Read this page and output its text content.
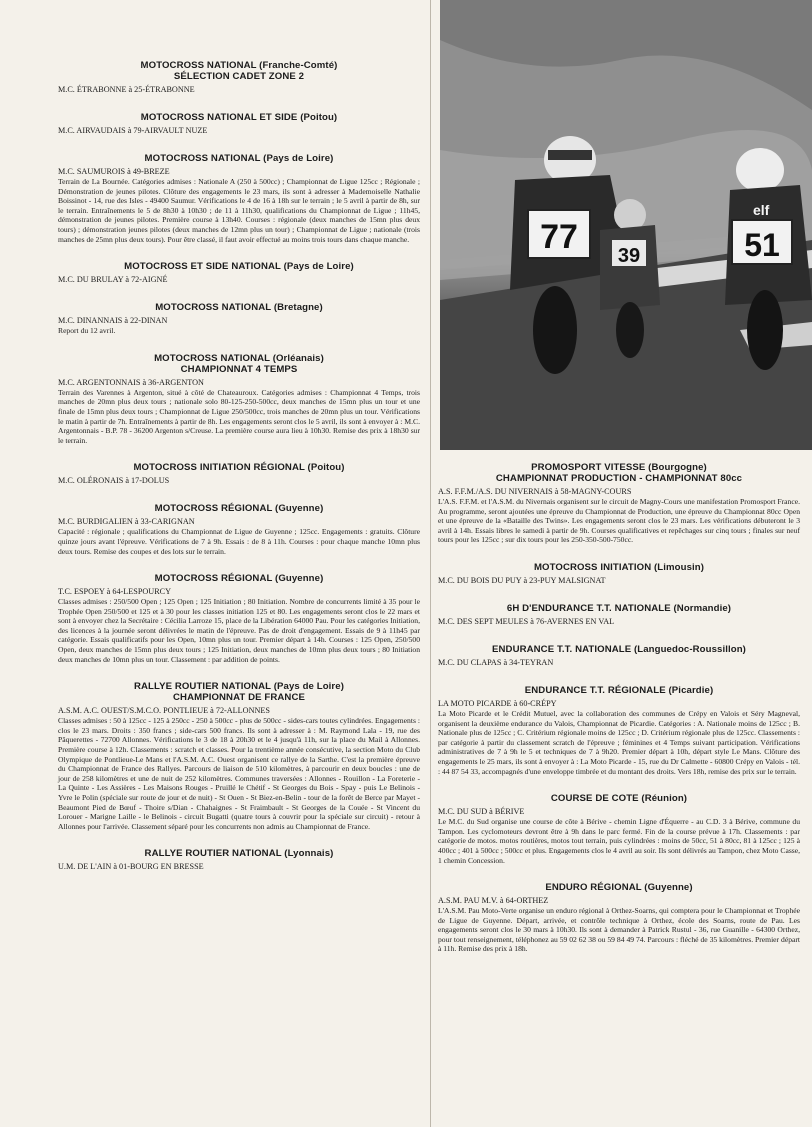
77 39
elf
51
MOTOCROSS NATIONAL (Franche-Comté)
SÉLECTION CADET ZONE 2
M.C. ÉTRABONNE à 25-ÉTRABONNE
MOTOCROSS NATIONAL ET SIDE (Poitou)
M.C. AIRVAUDAIS à 79-AIRVAULT NUZE
MOTOCROSS NATIONAL (Pays de Loire)
M.C. SAUMUROIS à 49-BREZE

Terrain de La Bournée. Catégories admises : Nationale A (250 à 500cc) ; Championnat de Ligue 125cc ; Régionale ; Démonstration de jeunes pilotes. Clôture des engagements le 23 mars, ils sont à adresser à Mademoiselle Nathalie Boissinot - 14, rue des Isles - 49400 Saumur. Vérifications le 4 de 16 à 18h sur le terrain ; le 5 avril à partir de 8h, sur le terrain. Entraînements le 5 de 8h30 à 10h30 ; de 11 à 11h30, qualifications du Championnat de Ligue ; 11h45, démonstration de jeunes pilotes. Première course à 13h40. Courses : régionale (deux manches de 15mn plus deux tours) ; démonstration jeunes pilotes (deux manches de 12mn plus un tour) ; Championnat de Ligue ; nationale (trois manches de 25mn plus deux tours). Pour être classé, il faut avoir effectué au moins trois tours dans chaque manche.

MOTOCROSS ET SIDE NATIONAL (Pays de Loire)
M.C. DU BRULAY à 72-AIGNÉ
MOTOCROSS NATIONAL (Bretagne)
M.C. DINANNAIS à 22-DINAN

Report du 12 avril.

MOTOCROSS NATIONAL (Orléanais)
CHAMPIONNAT 4 TEMPS
M.C. ARGENTONNAIS à 36-ARGENTON

Terrain des Varennes à Argenton, situé à côté de Chateauroux. Catégories admises : Championnat 4 Temps, trois manches de 20mn plus deux tours ; nationale solo 80-125-250-500cc, deux manches de 15mn plus un tour et une finale de 15mn plus deux tours ; Championnat de Ligue 250/500cc, trois manches de 20mn plus un tour. Vérifications le matin à partir de 7h. Entraînements à partir de 8h. Les engagements seront clos le 5 avril, ils sont à envoyer à : M.C. Argentonnais - B.P. 78 - 36200 Argenton s/Creuse. La première course aura lieu à 10h30. Remise des prix à 18h30 sur le terrain.

MOTOCROSS INITIATION RÉGIONAL (Poitou)
M.C. OLÉRONAIS à 17-DOLUS
MOTOCROSS RÉGIONAL (Guyenne)
M.C. BURDIGALIEN à 33-CARIGNAN

Capacité : régionale ; qualifications du Championnat de Ligue de Guyenne ; 125cc. Engagements : gratuits. Clôture quinze jours avant l'épreuve. Vérifications de 7 à 9h. Essais : de 8 à 11h. Courses : pour chaque manche 10mn plus deux tours. Remise des coupes et des lots sur le terrain.

MOTOCROSS RÉGIONAL (Guyenne)
T.C. ESPOEY à 64-LESPOURCY

Classes admises : 250/500 Open ; 125 Open ; 125 Initiation ; 80 Initiation. Nombre de concurrents limité à 35 pour le Trophée Open 250/500 et 125 et à 30 pour les classes initiation 125 et 80. Les engagements seront clos le 22 mars et sont à envoyer chez la Secrétaire : Cécilia Larroze 15, place de la Libération 64000 Pau. Pour les catégories Initiation, des licences à la journée seront délivrées le matin de l'épreuve. Pas de droit d'engagement. Essais de 9 à 11h45 par catégorie. Essais qualificatifs pour les Open, 10mn plus un tour. Premier départ à 14h. Courses : 125 Open, 250/500 Open, deux manches de 15mn plus deux tours ; 125 Initiation, deux manches de 10mn plus deux tours ; 80 Initiation deux manches de 10mn plus un tour. Classement : par addition de points.

RALLYE ROUTIER NATIONAL (Pays de Loire)
CHAMPIONNAT DE FRANCE
A.S.M. A.C. OUEST/S.M.C.O. PONTLIEUE à 72-ALLONNES

Classes admises : 50 à 125cc - 125 à 250cc - 250 à 500cc - plus de 500cc - sides-cars toutes cylindrées. Engagements : clos le 23 mars. Droits : 350 francs ; side-cars 500 francs. Ils sont à adresser à : M. Raymond Lala - 19, rue des Pâquerettes - 72700 Allonnes. Vérifications le 3 de 18 à 20h30 et le 4 jusqu'à 11h, sur la place du Mail à Allonnes. Première course à 12h. Classements : scratch et classes. Pour la trentième année consécutive, la section Moto du Club Olympique de Pontlieue-Le Mans et l'A.S.M. A.C. Ouest organisent ce rallye de la Sarthe. C'est la première épreuve du Championnat de France des Rallyes. Parcours de liaison de 510 kilomètres, à parcourir en deux boucles : une de jour de 258 kilomètres et une de nuit de 252 kilomètres. Communes traversées : Allonnes - Rouillon - La Foreterie - La Quinte - Les Assières - Les Maisons Rouges - Pruillé le Chétif - St Georges du Bois - Spay - puis Le Belinois - Yvre le Polin (spéciale sur route de jour et de nuit) - St Ouen - St Biez-en-Belin - tour de la forêt de Berce par Mayet - Beaumont Pied de Bœuf - Thoire s/Dian - Chahaignes - St Fraimbault - St Georges de la Couée - St Vincent du Lorouer - Marigne Laille - le Belinois - circuit Bugatti (quatre tours à couvrir pour la spéciale sur circuit) - retour à Allonnes pour l'arrivée. Classement séparé pour les concurrents non admis au Championnat de France.

RALLYE ROUTIER NATIONAL (Lyonnais)
U.M. DE L'AIN à 01-BOURG EN BRESSE
PROMOSPORT VITESSE (Bourgogne)
CHAMPIONNAT PRODUCTION - CHAMPIONNAT 80cc
A.S. F.F.M./A.S. DU NIVERNAIS à 58-MAGNY-COURS

L'A.S. F.F.M. et l'A.S.M. du Nivernais organisent sur le circuit de Magny-Cours une manifestation Promosport France. Au programme, seront ajoutées une épreuve du Championnat de Production, une épreuve du Championnat 80cc Open et une épreuve de la «Bataille des Twins». Les engagements seront clos le 23 mars. Les vérifications débuteront le 3 avril à 14h. Essais libres le samedi à partir de 9h. Courses qualificatives et repêchages sur cinq tours ; finales sur neuf tours pour les 125cc ; sur dix tours pour les 250-350-500-750cc.

MOTOCROSS INITIATION (Limousin)
M.C. DU BOIS DU PUY à 23-PUY MALSIGNAT
6H D'ENDURANCE T.T. NATIONALE (Normandie)
M.C. DES SEPT MEULES à 76-AVERNES EN VAL
ENDURANCE T.T. NATIONALE (Languedoc-Roussillon)
M.C. DU CLAPAS à 34-TEYRAN
ENDURANCE T.T. RÉGIONALE (Picardie)
LA MOTO PICARDE à 60-CRÉPY

La Moto Picarde et le Crédit Mutuel, avec la collaboration des communes de Crépy en Valois et Séry Magneval, organisent la deuxième endurance du Valois, Championnat de Picardie. Catégories : A. Nationale moins de 125cc ; B. Nationale plus de 125cc ; C. Critérium régionale moins de 125cc ; D. Critérium régionale plus de 125cc. Classements : par catégorie à partir du classement scratch de l'épreuve ; féminines et 4 Temps suivant participation. Vérifications administratives de 7 à 9h le 5 et techniques de 7 à 9h20. Premier départ à 10h, départ style Le Mans. Clôture des engagements le 25 mars, ils sont à envoyer à : La Moto Picarde - 15, rue du Dr Calmette - 60800 Crépy en Valois - tél. : 44 87 54 33, accompagnés d'une enveloppe timbrée et du montant des droits. Vers 18h, remise des prix sur le terrain.

COURSE DE COTE (Réunion)
M.C. DU SUD à BÉRIVE

Le M.C. du Sud organise une course de côte à Bérive - chemin Ligne d'Équerre - au C.D. 3 à Bérive, commune du Tampon. Les cyclomoteurs devront être à 9h dans le parc fermé. Fin de la course prévue à 17h. Classements : par catégorie de motos. motos routières, motos tout terrain, puis cylindrées : moins de 50cc, 51 à 80cc, 81 à 125cc ; 125 à 400cc ; 401 à 500cc ; 500cc et plus. Engagements clos le 4 avril au soir. Ils sont délivrés au Tampon, chez Moto Casse, 1 chemin Concession.

ENDURO RÉGIONAL (Guyenne)
A.S.M. PAU M.V. à 64-ORTHEZ

L'A.S.M. Pau Moto-Verte organise un enduro régional à Orthez-Soarns, qui comptera pour le Championnat et Trophée de Ligue de Guyenne. Départ, arrivée, et contrôle technique à Orthez, école des Soarns, route de Pau. Les engagements seront clos le 30 mars à 10h30. Ils sont à demander à Patrick Rustul - 36, rue Guanille - 64300 Orthez, pour tout renseignement, téléphonez au 59 02 62 38 ou 59 84 49 74. Parcours : fléché de 35 kilomètres. Premier départ à 11h. Remise des prix à 18h.
